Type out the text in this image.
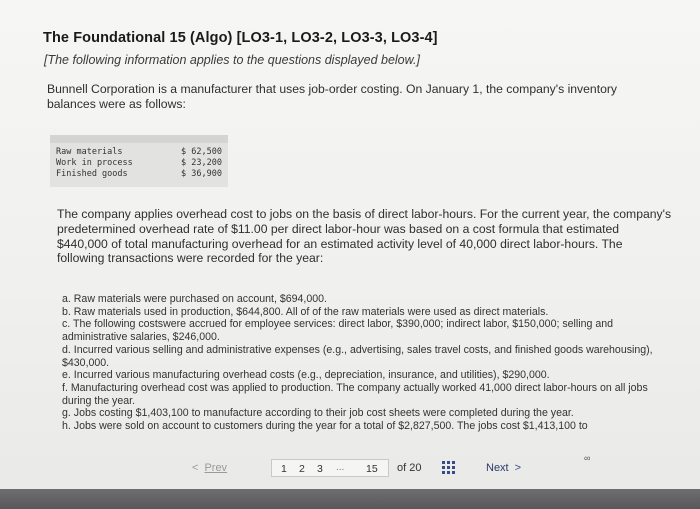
The Foundational 15 (Algo) [LO3-1, LO3-2, LO3-3, LO3-4]
[The following information applies to the questions displayed below.]
Bunnell Corporation is a manufacturer that uses job-order costing. On January 1, the company's inventory balances were as follows:
Raw materials	$ 62,500
Work in process	$ 23,200
Finished goods	$ 36,900
The company applies overhead cost to jobs on the basis of direct labor-hours. For the current year, the company's predetermined overhead rate of $11.00 per direct labor-hour was based on a cost formula that estimated $440,000 of total manufacturing overhead for an estimated activity level of 40,000 direct labor-hours. The following transactions were recorded for the year:
a. Raw materials were purchased on account, $694,000.
b. Raw materials used in production, $644,800. All of of the raw materials were used as direct materials.
c. The following costswere accrued for employee services: direct labor, $390,000; indirect labor, $150,000; selling and administrative salaries, $246,000.
d. Incurred various selling and administrative expenses (e.g., advertising, sales travel costs, and finished goods warehousing), $430,000.
e. Incurred various manufacturing overhead costs (e.g., depreciation, insurance, and utilities), $290,000.
f. Manufacturing overhead cost was applied to production. The company actually worked 41,000 direct labor-hours on all jobs during the year.
g. Jobs costing $1,403,100 to manufacture according to their job cost sheets were completed during the year.
h. Jobs were sold on account to customers during the year for a total of $2,827,500. The jobs cost $1,413,100 to
< Prev	1 2 3
∞
... 15 of 20	Next >
